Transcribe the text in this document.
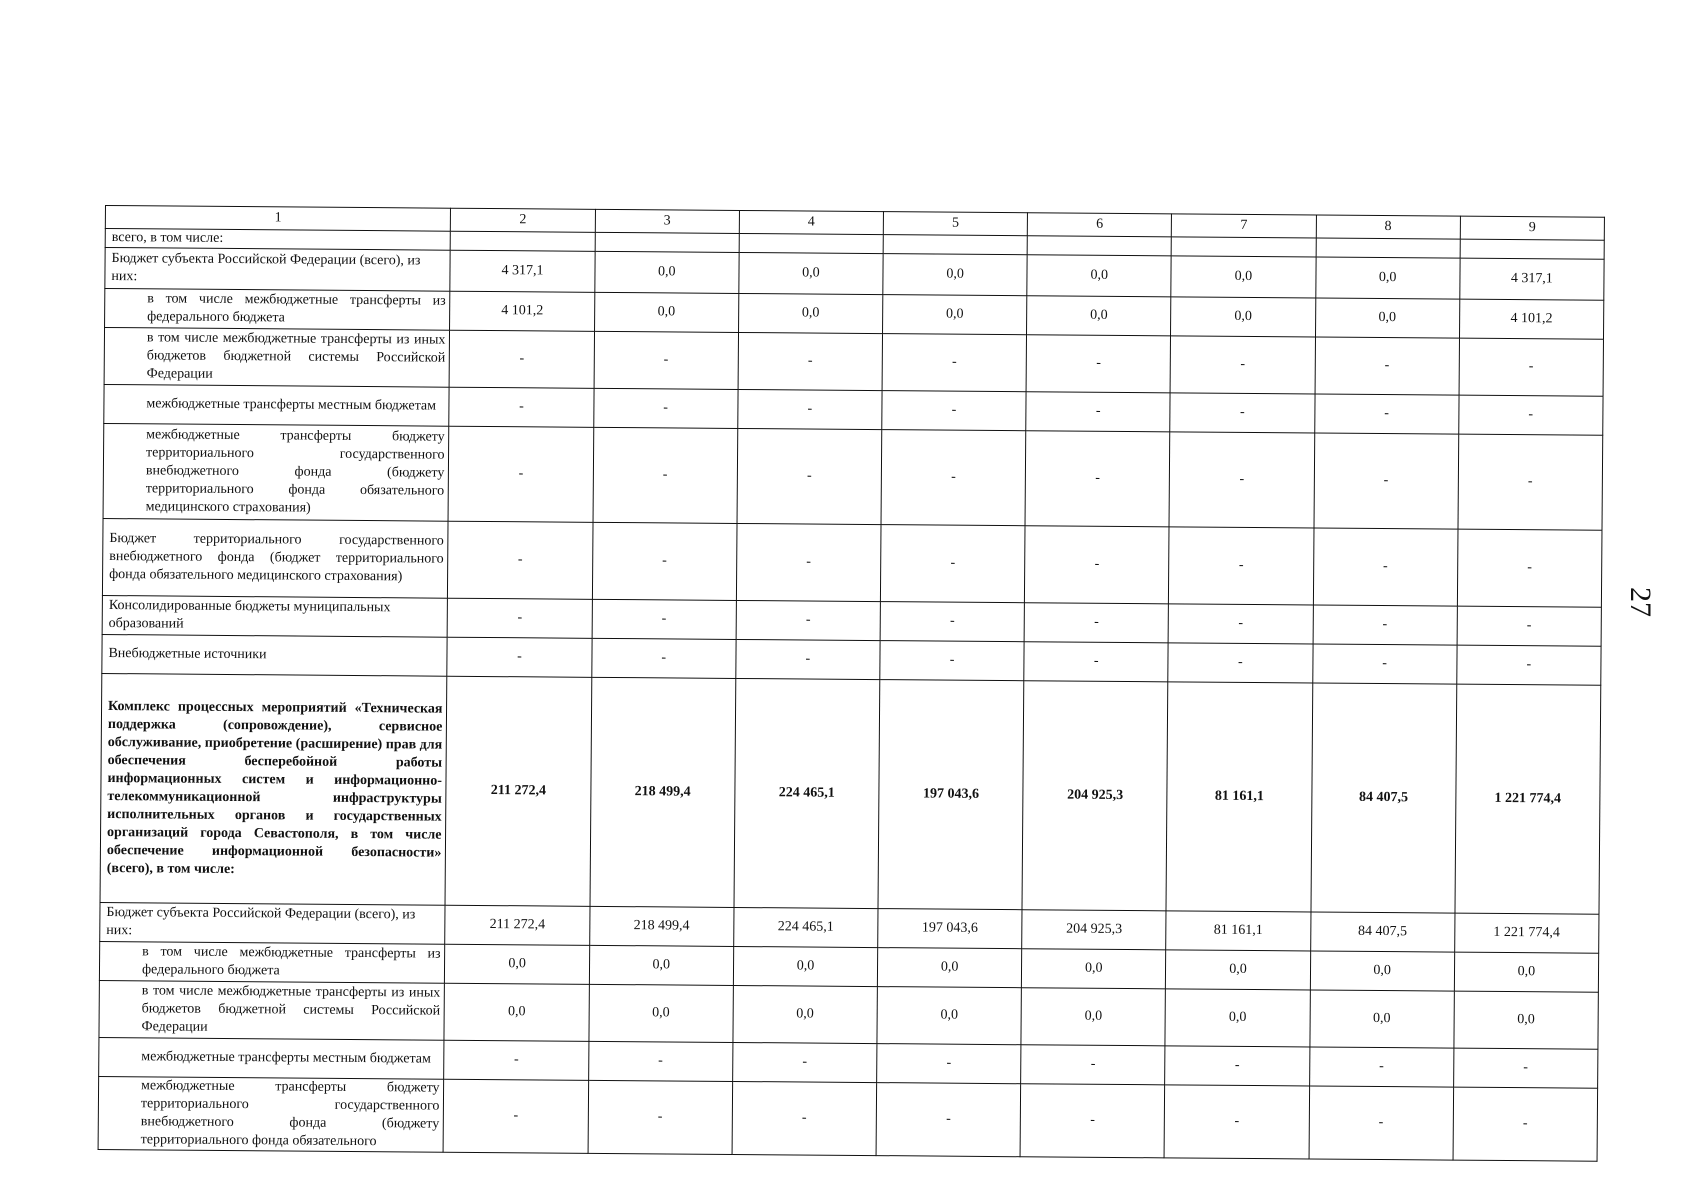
27
1	2	3	4	5	6	7	8	9
всего, в том числе:								
Бюджет субъекта Российской Федерации (всего), из них:	4 317,1	0,0	0,0	0,0	0,0	0,0	0,0	4 317,1
в том числе межбюджетные трансферты из федерального бюджета	4 101,2	0,0	0,0	0,0	0,0	0,0	0,0	4 101,2
в том числе межбюджетные трансферты из иных бюджетов бюджетной системы Российской Федерации	-	-	-	-	-	-	-	-
межбюджетные трансферты местным бюджетам	-	-	-	-	-	-	-	-
межбюджетные трансферты бюджету территориального государственного внебюджетного фонда (бюджету территориального фонда обязательного медицинского страхования)	-	-	-	-	-	-	-	-
Бюджет территориального государственного внебюджетного фонда (бюджет территориального фонда обязательного медицинского страхования)	-	-	-	-	-	-	-	-
Консолидированные бюджеты муниципальных образований	-	-	-	-	-	-	-	-
Внебюджетные источники	-	-	-	-	-	-	-	-
Комплекс процессных мероприятий «Техническая поддержка (сопровождение), сервисное обслуживание, приобретение (расширение) прав для обеспечения бесперебойной работы информационных систем и информационно-телекоммуникационной инфраструктуры исполнительных органов и государственных организаций города Севастополя, в том числе обеспечение информационной безопасности» (всего), в том числе:	211 272,4	218 499,4	224 465,1	197 043,6	204 925,3	81 161,1	84 407,5	1 221 774,4
Бюджет субъекта Российской Федерации (всего), из них:	211 272,4	218 499,4	224 465,1	197 043,6	204 925,3	81 161,1	84 407,5	1 221 774,4
в том числе межбюджетные трансферты из федерального бюджета	0,0	0,0	0,0	0,0	0,0	0,0	0,0	0,0
в том числе межбюджетные трансферты из иных бюджетов бюджетной системы Российской Федерации	0,0	0,0	0,0	0,0	0,0	0,0	0,0	0,0
межбюджетные трансферты местным бюджетам	-	-	-	-	-	-	-	-
межбюджетные трансферты бюджету территориального государственного внебюджетного фонда (бюджету территориального фонда обязательного	-	-	-	-	-	-	-	-
